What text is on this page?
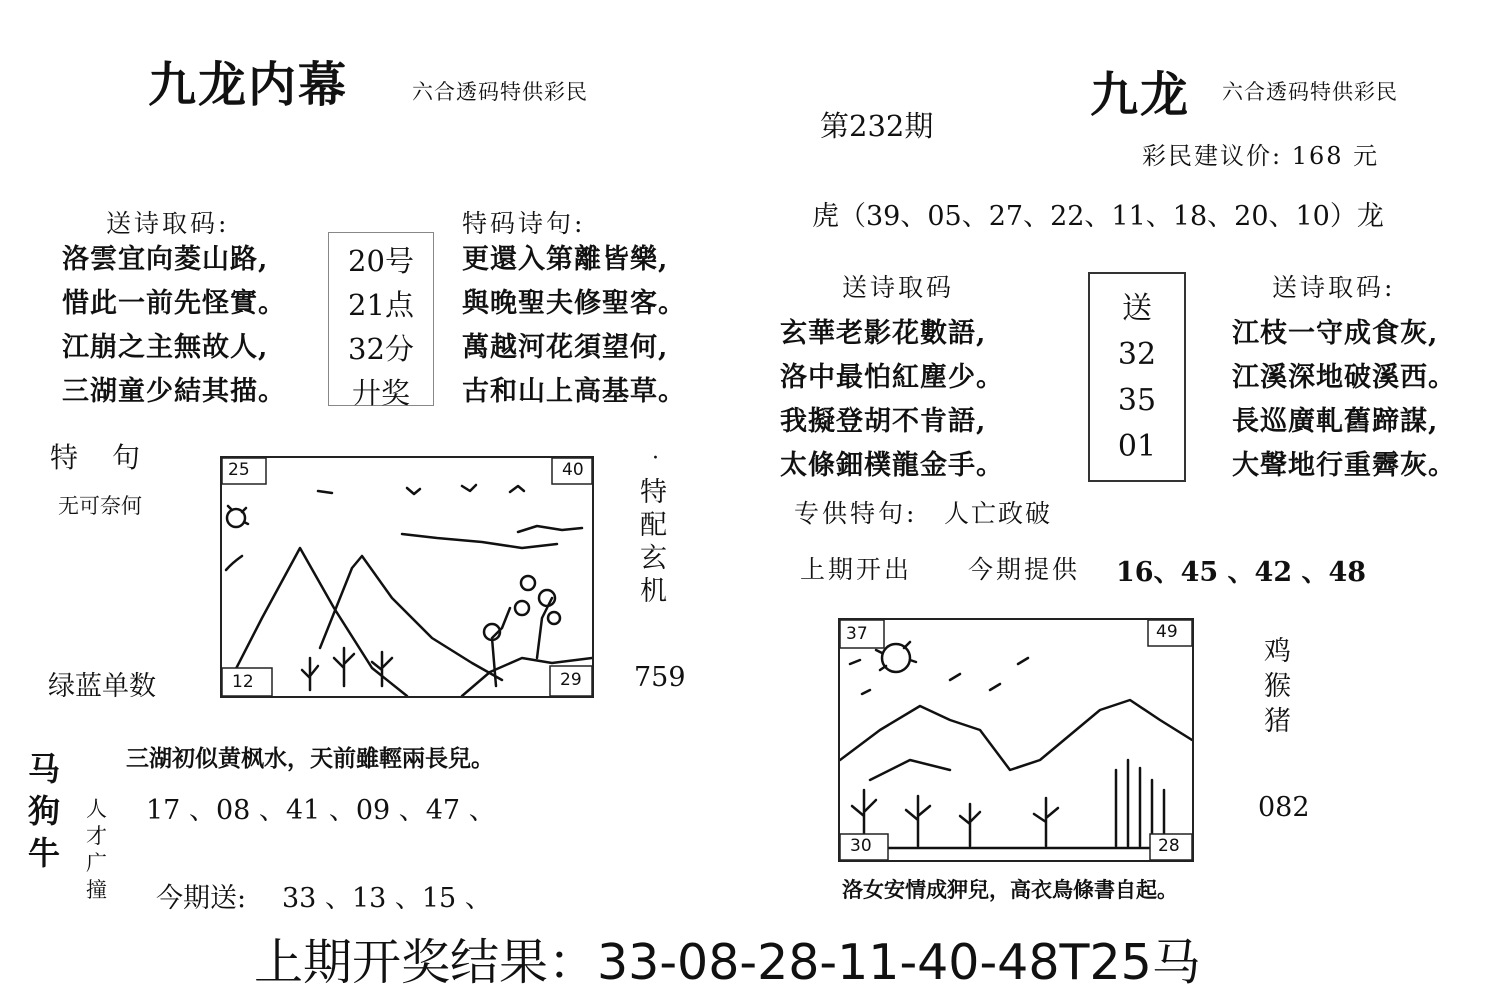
九龙内幕	六合透码特供彩民
送诗取码:
洛雲宜向菱山路,
惜此一前先怪實。
江崩之主無故人,
三湖童少結其描。
20号
21点
32分
廾奖
特码诗句:
更還入第離皆樂,
與晚聖夫修聖客。
萬越河花須望何,
古和山上高基草。
特　句
无可奈何
25	40
12	29
·
特
配
玄
机
绿蓝单数	759
马
狗
牛
三湖初似黄枫水，天前雖輕兩長兒。
人
才
广
撞
17 、08 、41 、09 、47 、
今期送: 33 、13 、15 、
第232期
九龙 六合透码特供彩民
彩民建议价: 168 元
虎（39、05、27、22、11、18、20、10）龙
送诗取码
玄華老影花數語,
洛中最怕紅塵少。
我擬登胡不肯語,
太條鈿樸龍金手。
送
32
35
01
送诗取码:
江枝一守成食灰,
江溪深地破溪西。
長巡廣軋舊蹄謀,
大聲地行重霽灰。
专供特句: 人亡政破
上期开出 今期提供 16、45 、42 、48
37	49
30	28
鸡
猴
猪
082
洛女安情成狎兒，高衣鳥條書自起。
上期开奖结果：33-08-28-11-40-48T25马
